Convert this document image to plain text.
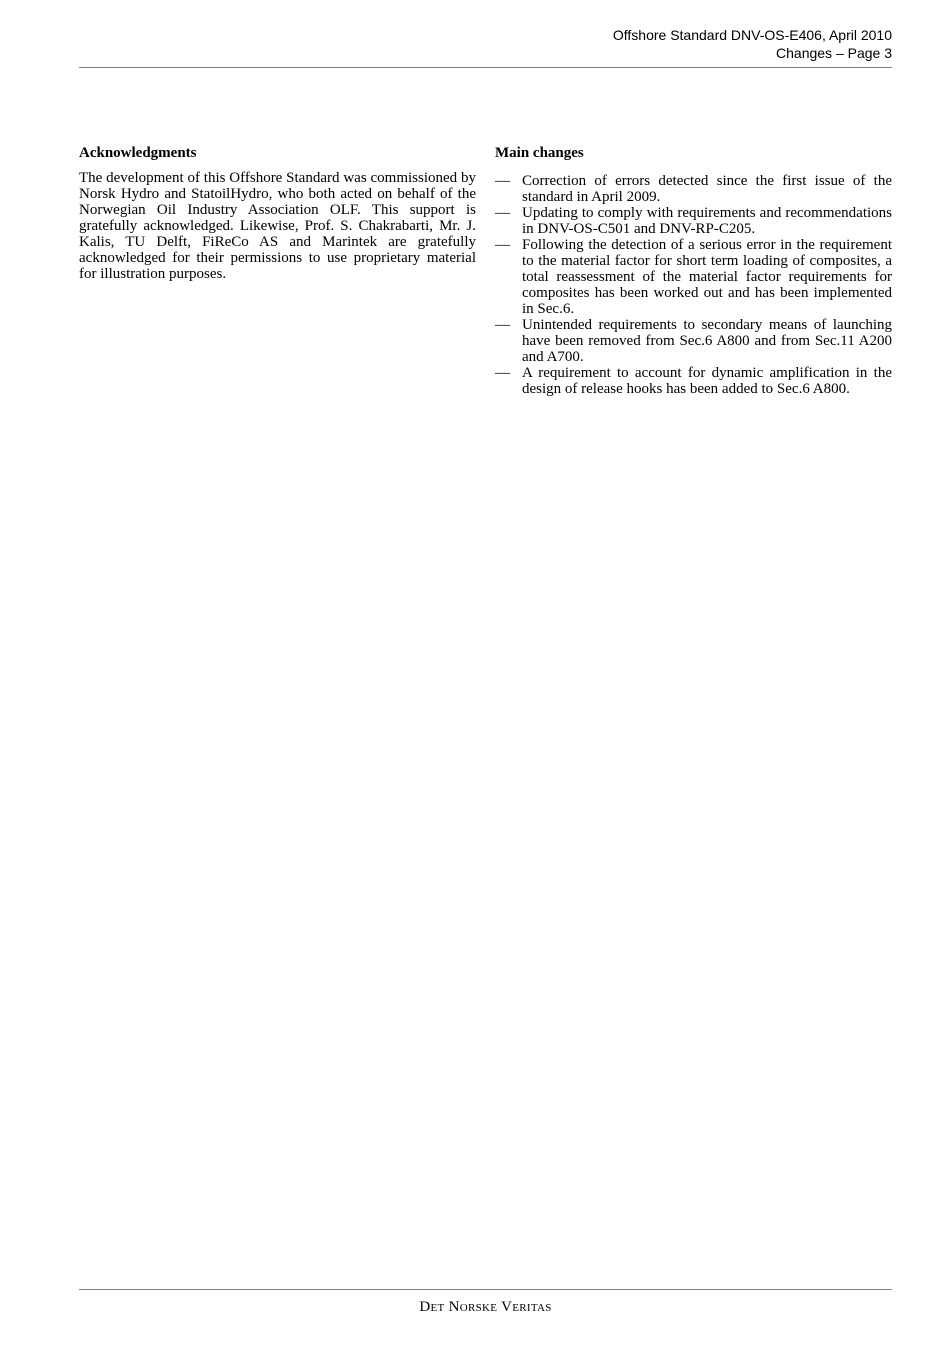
Offshore Standard DNV-OS-E406, April 2010
Changes – Page 3

Acknowledgments

The development of this Offshore Standard was commissioned by Norsk Hydro and StatoilHydro, who both acted on behalf of the Norwegian Oil Industry Association OLF. This support is gratefully acknowledged. Likewise, Prof. S. Chakrabarti, Mr. J. Kalis, TU Delft, FiReCo AS and Marintek are gratefully acknowledged for their permissions to use proprietary material for illustration purposes.

Main changes

— Correction of errors detected since the first issue of the standard in April 2009.
— Updating to comply with requirements and recommendations in DNV-OS-C501 and DNV-RP-C205.
— Following the detection of a serious error in the requirement to the material factor for short term loading of composites, a total reassessment of the material factor requirements for composites has been worked out and has been implemented in Sec.6.
— Unintended requirements to secondary means of launching have been removed from Sec.6 A800 and from Sec.11 A200 and A700.
— A requirement to account for dynamic amplification in the design of release hooks has been added to Sec.6 A800.
Det Norske Veritas
